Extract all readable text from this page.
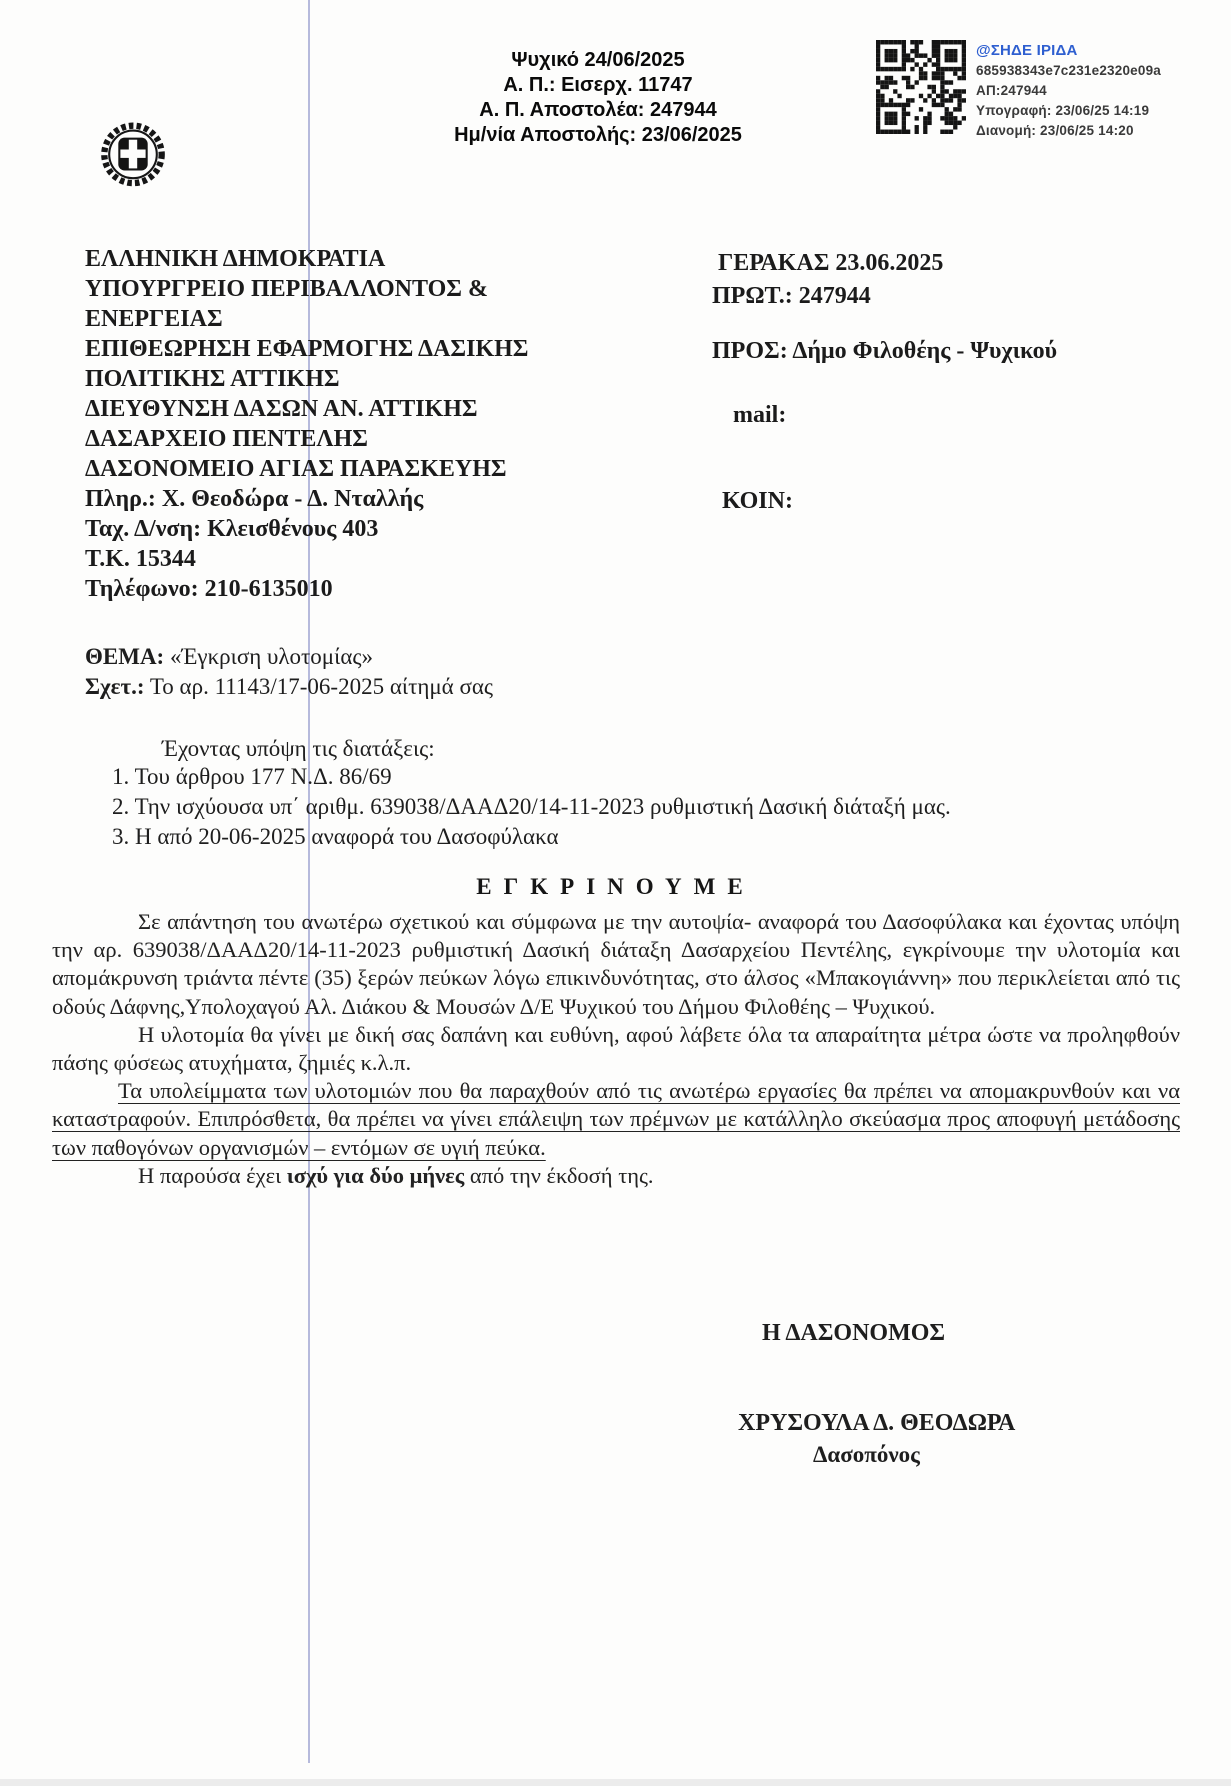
Ψυχικό 24/06/2025
Α. Π.: Εισερχ. 11747
Α. Π. Αποστολέα: 247944
Ημ/νία Αποστολής: 23/06/2025
@ΣΗΔΕ ΙΡΙΔΑ
685938343e7c231e2320e09a
ΑΠ:247944
Υπογραφή: 23/06/25 14:19
Διανομή: 23/06/25 14:20
ΕΛΛΗΝΙΚΗ ΔΗΜΟΚΡΑΤΙΑ
ΥΠΟΥΡΓΡΕΙΟ ΠΕΡΙΒΑΛΛΟΝΤΟΣ &
ΕΝΕΡΓΕΙΑΣ
ΕΠΙΘΕΩΡΗΣΗ ΕΦΑΡΜΟΓΗΣ ΔΑΣΙΚΗΣ
ΠΟΛΙΤΙΚΗΣ ΑΤΤΙΚΗΣ
ΔΙΕΥΘΥΝΣΗ ΔΑΣΩΝ ΑΝ. ΑΤΤΙΚΗΣ
ΔΑΣΑΡΧΕΙΟ ΠΕΝΤΕΛΗΣ
ΔΑΣΟΝΟΜΕΙΟ ΑΓΙΑΣ ΠΑΡΑΣΚΕΥΗΣ
Πληρ.: Χ. Θεοδώρα - Δ. Νταλλής
Ταχ. Δ/νση: Κλεισθένους 403
Τ.Κ. 15344
Τηλέφωνο: 210-6135010
ΓΕΡΑΚΑΣ 23.06.2025
ΠΡΩΤ.: 247944
ΠΡΟΣ: Δήμο Φιλοθέης - Ψυχικού
mail:
ΚΟΙΝ:
ΘΕΜΑ: «Έγκριση υλοτομίας»
Σχετ.: Το αρ. 11143/17-06-2025 αίτημά σας
Έχοντας υπόψη τις διατάξεις:
1. Του άρθρου 177 Ν.Δ. 86/69
2. Την ισχύουσα υπ΄ αριθμ. 639038/ΔΑΑΔ20/14-11-2023 ρυθμιστική Δασική διάταξή μας.
3. Η από 20-06-2025 αναφορά του Δασοφύλακα
ΕΓΚΡΙΝΟΥΜΕ

Σε απάντηση του ανωτέρω σχετικού και σύμφωνα με την αυτοψία- αναφορά του Δασοφύλακα και έχοντας υπόψη την αρ. 639038/ΔΑΑΔ20/14-11-2023 ρυθμιστική Δασική διάταξη Δασαρχείου Πεντέλης, εγκρίνουμε την υλοτομία και απομάκρυνση τριάντα πέντε (35) ξερών πεύκων λόγω επικινδυνότητας, στο άλσος «Μπακογιάννη» που περικλείεται από τις οδούς Δάφνης,Υπολοχαγού Αλ. Διάκου & Μουσών Δ/Ε Ψυχικού του Δήμου Φιλοθέης – Ψυχικού.

Η υλοτομία θα γίνει με δική σας δαπάνη και ευθύνη, αφού λάβετε όλα τα απαραίτητα μέτρα ώστε να προληφθούν πάσης φύσεως ατυχήματα, ζημιές κ.λ.π.

Τα υπολείμματα των υλοτομιών που θα παραχθούν από τις ανωτέρω εργασίες θα πρέπει να απομακρυνθούν και να καταστραφούν. Επιπρόσθετα, θα πρέπει να γίνει επάλειψη των πρέμνων με κατάλληλο σκεύασμα προς αποφυγή μετάδοσης των παθογόνων οργανισμών – εντόμων σε υγιή πεύκα.

Η παρούσα έχει ισχύ για δύο μήνες από την έκδοσή της.

Η ΔΑΣΟΝΟΜΟΣ
ΧΡΥΣΟΥΛΑ Δ. ΘΕΟΔΩΡΑ
Δασοπόνος
